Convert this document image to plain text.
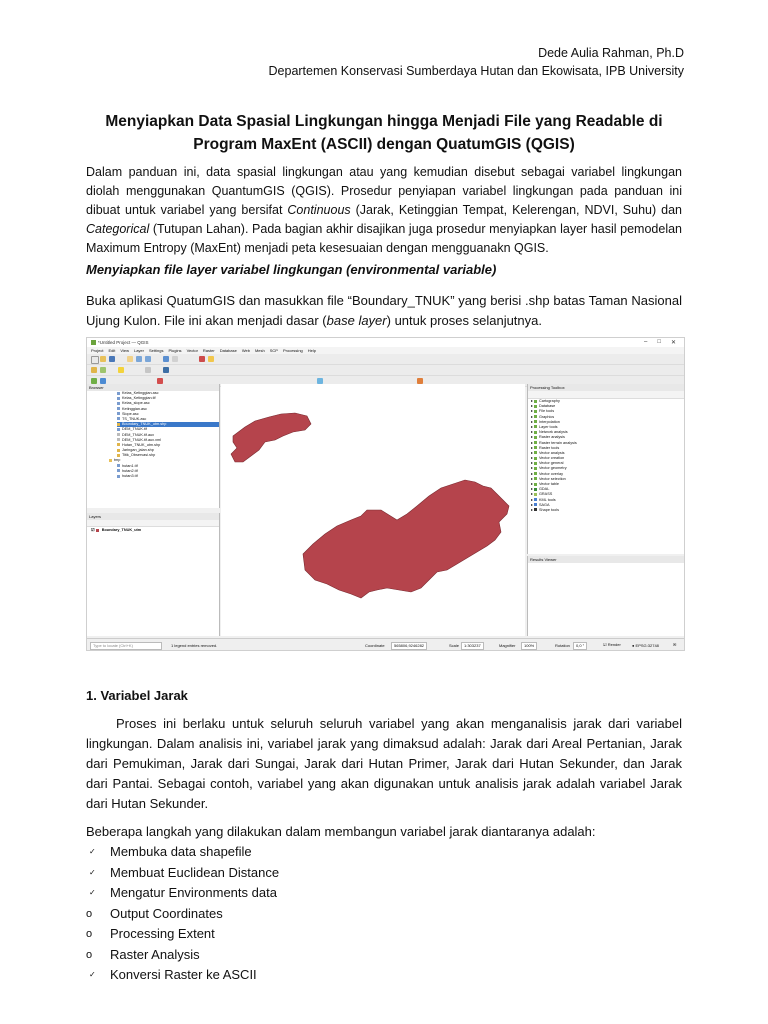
Dede Aulia Rahman, Ph.D
Departemen Konservasi Sumberdaya Hutan dan Ekowisata, IPB University
Menyiapkan Data Spasial Lingkungan hingga Menjadi File yang Readable di
Program MaxEnt (ASCII) dengan QuatumGIS (QGIS)
Dalam panduan ini, data spasial lingkungan atau yang kemudian disebut sebagai variabel lingkungan diolah menggunakan QuantumGIS (QGIS). Prosedur penyiapan variabel lingkungan pada panduan ini dibuat untuk variabel yang bersifat Continuous (Jarak, Ketinggian Tempat, Kelerengan, NDVI, Suhu) dan Categorical (Tutupan Lahan). Pada bagian akhir disajikan juga prosedur menyiapkan layer hasil pemodelan Maximum Entropy (MaxEnt) menjadi peta kesesuaian dengan mengguanakn QGIS.
Menyiapkan file layer variabel lingkungan (environmental variable)
Buka aplikasi QuatumGIS dan masukkan file “Boundary_TNUK” yang berisi .shp batas Taman Nasional Ujung Kulon. File ini akan menjadi dasar (base layer) untuk proses selanjutnya.
*Untitled Project — QGIS	– □ ✕
Project Edit View Layer Settings Plugins Vector Raster Database Web Mesh SCP Processing Help
Browser
Kelas_Ketinggian.asc
Kelas_Ketinggian.tif
Kelas_slope.asc
Ketinggian.asc
Slope.asc
TS_TNUK.asc
Boundary_TNUK_utm.shp
DEM_TNUK.tif
DEM_TNUK.tif.aux
DEM_TNUK.tif.aux.xml
Hutan_TNUK_utm.shp
Jaringan_jalan.shp
Titik_Observasi.shp
tmp
hutan1.tif
hutan2.tif
hutan3.tif
Layers
☑ Boundary_TNUK_utm
Processing Toolbox
▸ Cartography
▸ Database
▸ File tools
▸ Graphics
▸ Interpolation
▸ Layer tools
▸ Network analysis
▸ Raster analysis
▸ Raster terrain analysis
▸ Raster tools
▸ Vector analysis
▸ Vector creation
▸ Vector general
▸ Vector geometry
▸ Vector overlay
▸ Vector selection
▸ Vector table
▸ GDAL
▸ GRASS
▸ KML tools
▸ SAGA
▸ Shape tools
Results Viewer
Type to locate (Ctrl+K)	1 legend entries removed.	Coordinate	565806,9246282	Scale	1:303237	Magnifier	100%	Rotation	0,0 °	☑ Render	● EPSG:32748	✉
1. Variabel Jarak
Proses ini berlaku untuk seluruh seluruh variabel yang akan menganalisis jarak dari variabel lingkungan. Dalam analisis ini, variabel jarak yang dimaksud adalah: Jarak dari Areal Pertanian, Jarak dari Pemukiman, Jarak dari Sungai, Jarak dari Hutan Primer, Jarak dari Hutan Sekunder, dan Jarak dari Pantai. Sebagai contoh, variabel yang akan digunakan untuk analisis jarak adalah variabel Jarak dari Hutan Sekunder.
Beberapa langkah yang dilakukan dalam membangun variabel jarak diantaranya adalah:
✓	Membuka data shapefile
✓	Membuat Euclidean Distance
✓	Mengatur Environments data
o	Output Coordinates
o	Processing Extent
o	Raster Analysis
✓	Konversi Raster ke ASCII
